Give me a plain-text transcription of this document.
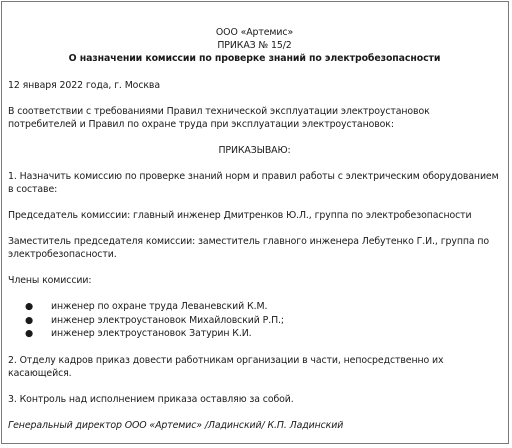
ООО «Артемис»

ПРИКАЗ № 15/2

О назначении комиссии по проверке знаний по электробезопасности

12 января 2022 года, г. Москва

В соответствии с требованиями Правил технической эксплуатации электроустановок потребителей и Правил по охране труда при эксплуатации электроустановок:

ПРИКАЗЫВАЮ:

1. Назначить комиссию по проверке знаний норм и правил работы с электрическим оборудованием в составе:

Председатель комиссии: главный инженер Дмитренков Ю.Л., группа по электробезопасности

Заместитель председателя комиссии: заместитель главного инженера Лебутенко Г.И., группа по электробезопасности.

Члены комиссии:

● инженер по охране труда Леваневский К.М.
● инженер электроустановок Михайловский Р.П.;
● инженер электроустановок Затурин К.И.

2. Отделу кадров приказ довести работникам организации в части, непосредственно их касающейся.

3. Контроль над исполнением приказа оставляю за собой.

Генеральный директор ООО «Артемис» /Ладинский/ К.П. Ладинский
